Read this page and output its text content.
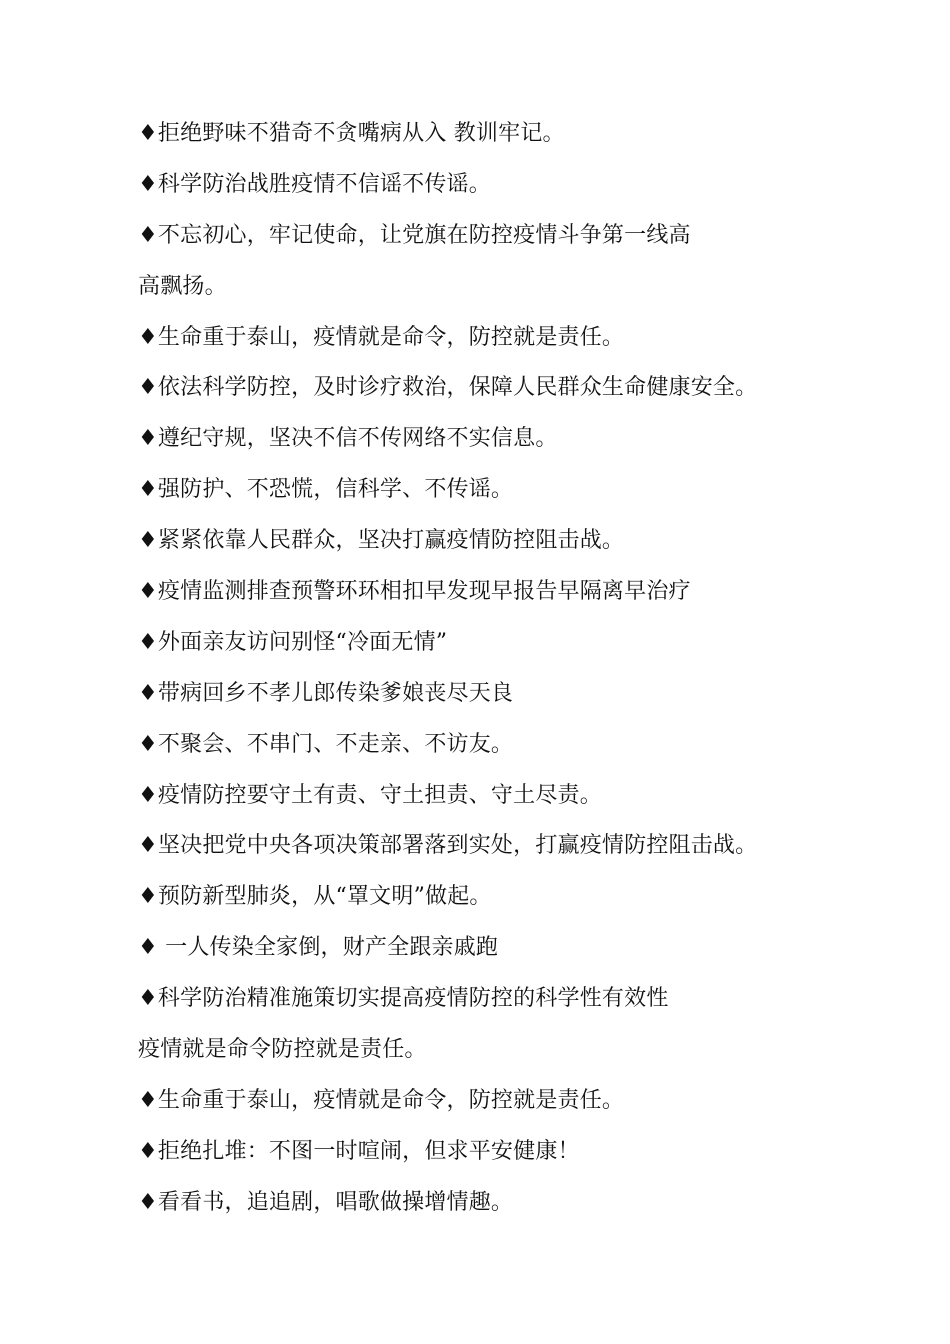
♦拒绝野味不猎奇不贪嘴病从入 教训牢记。
♦科学防治战胜疫情不信谣不传谣。
♦不忘初心，牢记使命，让党旗在防控疫情斗争第一线高
高飘扬。
♦生命重于泰山，疫情就是命令，防控就是责任。
♦依法科学防控，及时诊疗救治，保障人民群众生命健康安全。
♦遵纪守规，坚决不信不传网络不实信息。
♦强防护、不恐慌，信科学、不传谣。
♦紧紧依靠人民群众，坚决打赢疫情防控阻击战。
♦疫情监测排查预警环环相扣早发现早报告早隔离早治疗
♦外面亲友访问别怪“冷面无情”
♦带病回乡不孝儿郎传染爹娘丧尽天良
♦不聚会、不串门、不走亲、不访友。
♦疫情防控要守土有责、守土担责、守土尽责。
♦坚决把党中央各项决策部署落到实处，打赢疫情防控阻击战。
♦预防新型肺炎，从“罩文明”做起。
♦ 一人传染全家倒，财产全跟亲戚跑
♦科学防治精准施策切实提高疫情防控的科学性有效性
疫情就是命令防控就是责任。
♦生命重于泰山，疫情就是命令，防控就是责任。
♦拒绝扎堆：不图一时喧闹，但求平安健康！
♦看看书，追追剧，唱歌做操增情趣。
